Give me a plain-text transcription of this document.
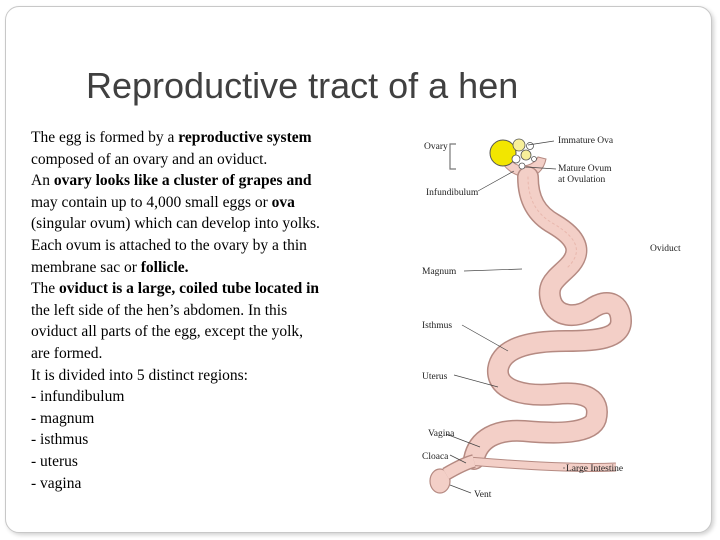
Reproductive tract of a hen
The egg is formed by a reproductive system
composed of an ovary and an oviduct.
An ovary looks like a cluster of grapes and
may contain up to 4,000 small eggs or ova
(singular ovum) which can develop into yolks.
Each ovum is attached to the ovary by a thin
membrane sac or follicle.
The oviduct is a large, coiled tube located in
the left side of the hen’s abdomen. In this
oviduct all parts of the egg, except the yolk,
are formed.
It is divided into 5 distinct regions:
- infundibulum
- magnum
- isthmus
- uterus
- vagina
Ovary
Immature Ova
Mature Ovum
at Ovulation
Infundibulum
Oviduct
Magnum
Isthmus
Uterus
Vagina
Cloaca
Large Intestine
Vent
